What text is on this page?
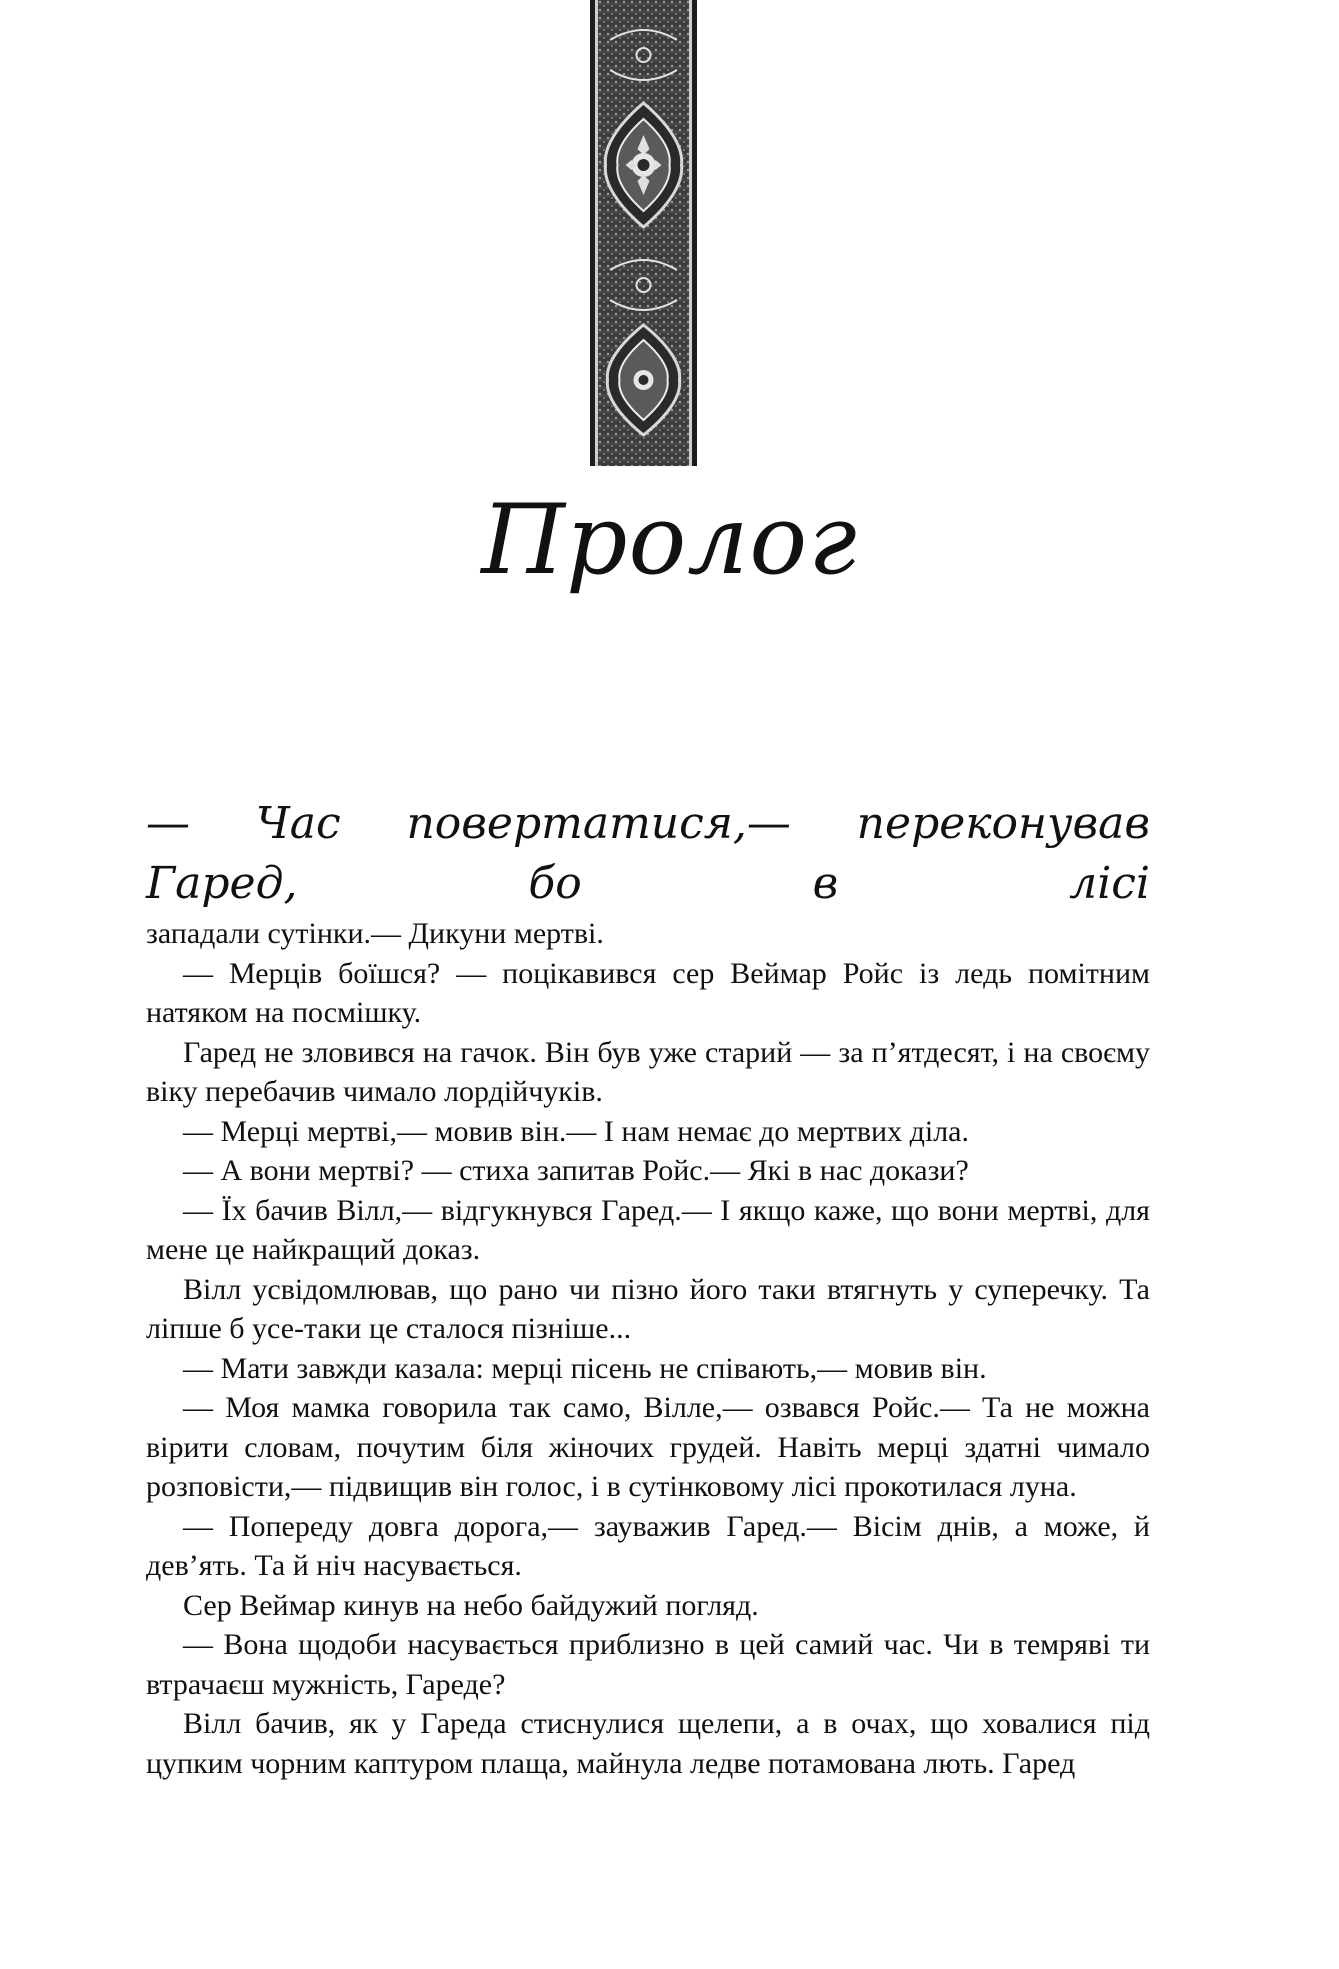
Пролог
— Час повертатися,— переконував Гаред, бо в лісі

западали сутінки.— Дикуни мертві.

— Мерців боїшся? — поцікавився сер Веймар Ройс із ледь помітним натяком на посмішку.

Гаред не зловився на гачок. Він був уже старий — за п’ятдесят, і на своєму віку перебачив чимало лордійчуків.

— Мерці мертві,— мовив він.— І нам немає до мертвих діла.

— А вони мертві? — стиха запитав Ройс.— Які в нас докази?

— Їх бачив Вілл,— відгукнувся Гаред.— І якщо каже, що вони мертві, для мене це найкращий доказ.

Вілл усвідомлював, що рано чи пізно його таки втягнуть у суперечку. Та ліпше б усе-таки це сталося пізніше...

— Мати завжди казала: мерці пісень не співають,— мовив він.

— Моя мамка говорила так само, Вілле,— озвався Ройс.— Та не можна вірити словам, почутим біля жіночих грудей. Навіть мерці здатні чимало розповісти,— підвищив він голос, і в сутінковому лісі прокотилася луна.

— Попереду довга дорога,— зауважив Гаред.— Вісім днів, а може, й дев’ять. Та й ніч насувається.

Сер Веймар кинув на небо байдужий погляд.

— Вона щодоби насувається приблизно в цей самий час. Чи в темряві ти втрачаєш мужність, Гареде?

Вілл бачив, як у Гареда стиснулися щелепи, а в очах, що ховалися під цупким чорним каптуром плаща, майнула ледве потамована лють. Гаред
